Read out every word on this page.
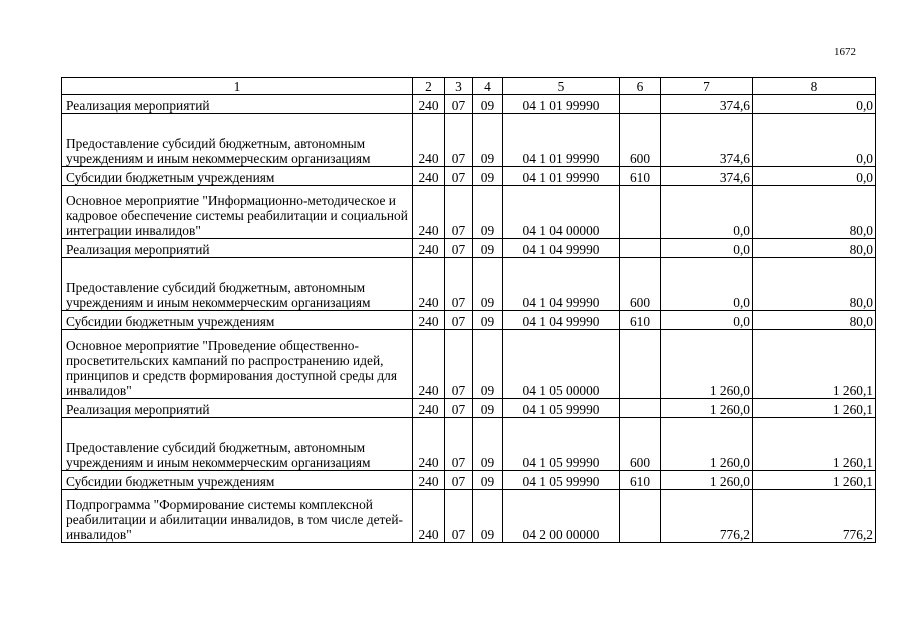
1672
1	2	3	4	5	6	7	8
Реализация мероприятий	240	07	09	04 1 01 99990		374,6	0,0
Предоставление субсидий бюджетным, автономным учреждениям и иным некоммерческим организациям	240	07	09	04 1 01 99990	600	374,6	0,0
Субсидии бюджетным учреждениям	240	07	09	04 1 01 99990	610	374,6	0,0
Основное мероприятие "Информационно-методическое и кадровое обеспечение системы реабилитации и социальной интеграции инвалидов"	240	07	09	04 1 04 00000		0,0	80,0
Реализация мероприятий	240	07	09	04 1 04 99990		0,0	80,0
Предоставление субсидий бюджетным, автономным учреждениям и иным некоммерческим организациям	240	07	09	04 1 04 99990	600	0,0	80,0
Субсидии бюджетным учреждениям	240	07	09	04 1 04 99990	610	0,0	80,0
Основное мероприятие "Проведение общественно-просветительских кампаний по распространению идей, принципов и средств формирования доступной среды для инвалидов"	240	07	09	04 1 05 00000		1 260,0	1 260,1
Реализация мероприятий	240	07	09	04 1 05 99990		1 260,0	1 260,1
Предоставление субсидий бюджетным, автономным учреждениям и иным некоммерческим организациям	240	07	09	04 1 05 99990	600	1 260,0	1 260,1
Субсидии бюджетным учреждениям	240	07	09	04 1 05 99990	610	1 260,0	1 260,1
Подпрограмма "Формирование системы комплексной реабилитации и абилитации инвалидов, в том числе детей-инвалидов"	240	07	09	04 2 00 00000		776,2	776,2
